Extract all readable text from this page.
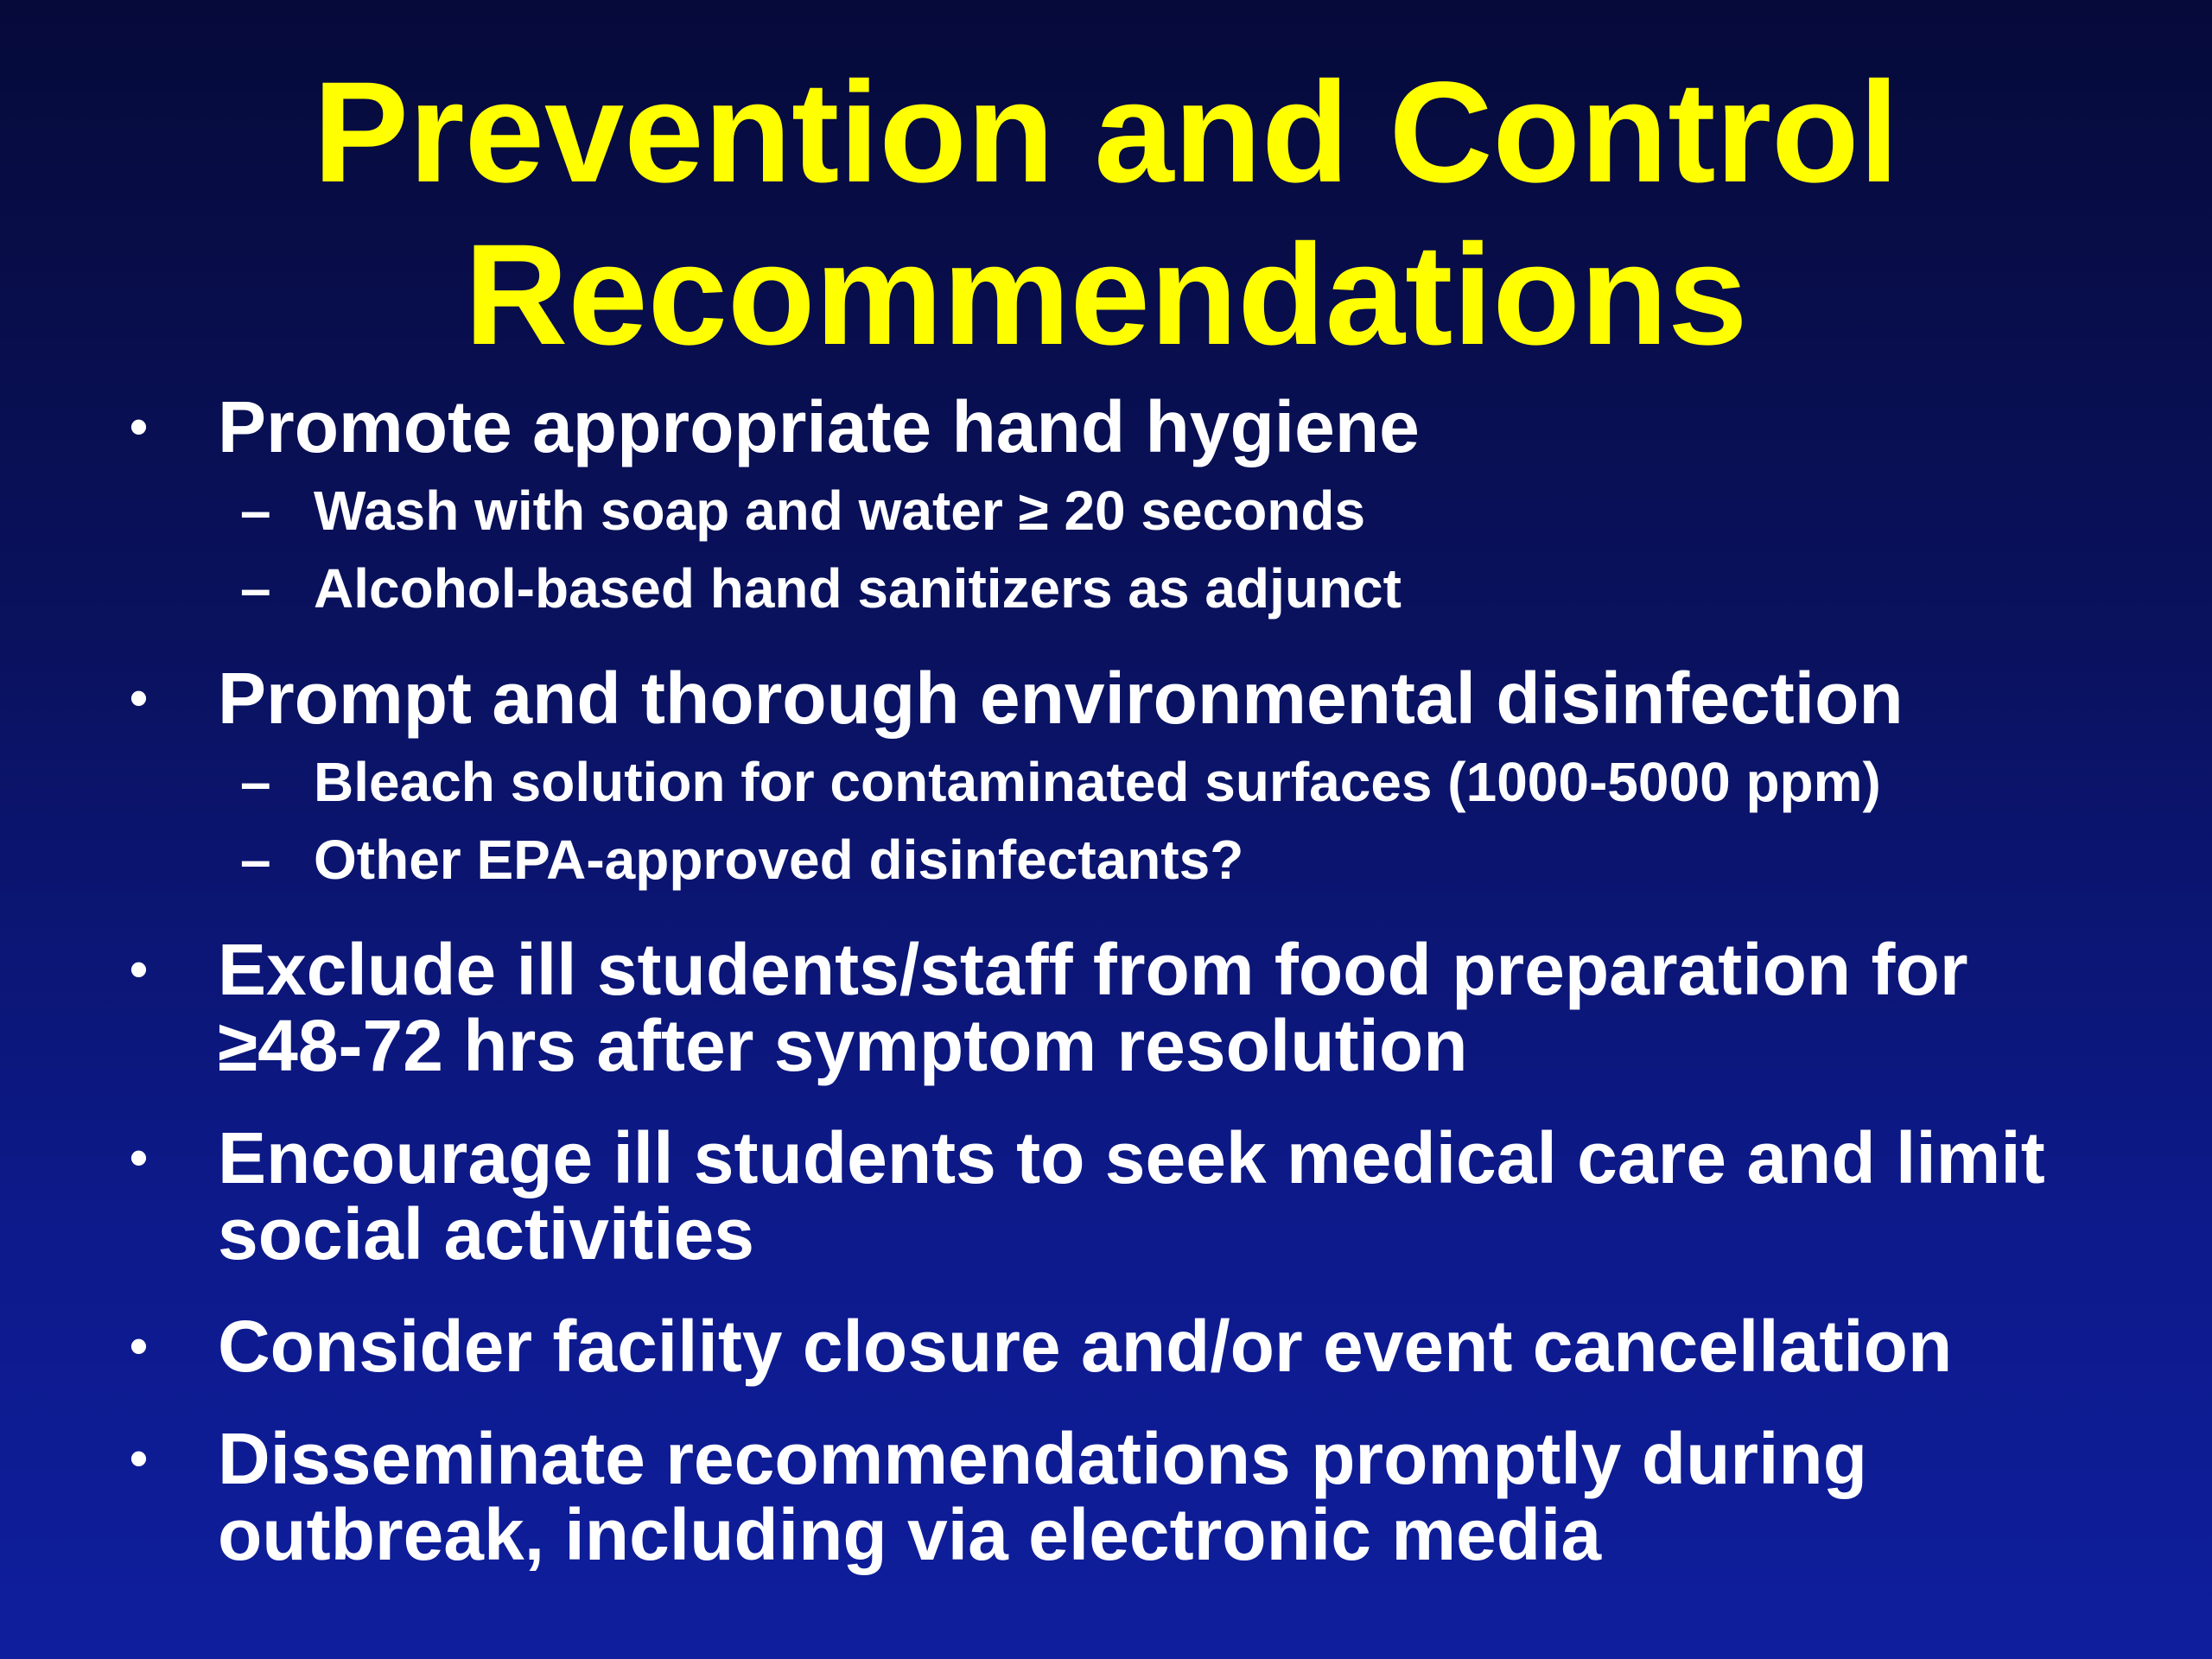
Prevention and Control
Recommendations
• Promote appropriate hand hygiene
– Wash with soap and water ≥ 20 seconds
– Alcohol-based hand sanitizers as adjunct
• Prompt and thorough environmental disinfection
– Bleach solution for contaminated surfaces (1000-5000 ppm)
– Other EPA-approved disinfectants?
• Exclude ill students/staff from food preparation for
≥48-72 hrs after symptom resolution
• Encourage ill students to seek medical care and limit
social activities
• Consider facility closure and/or event cancellation
• Disseminate recommendations promptly during
outbreak, including via electronic media
